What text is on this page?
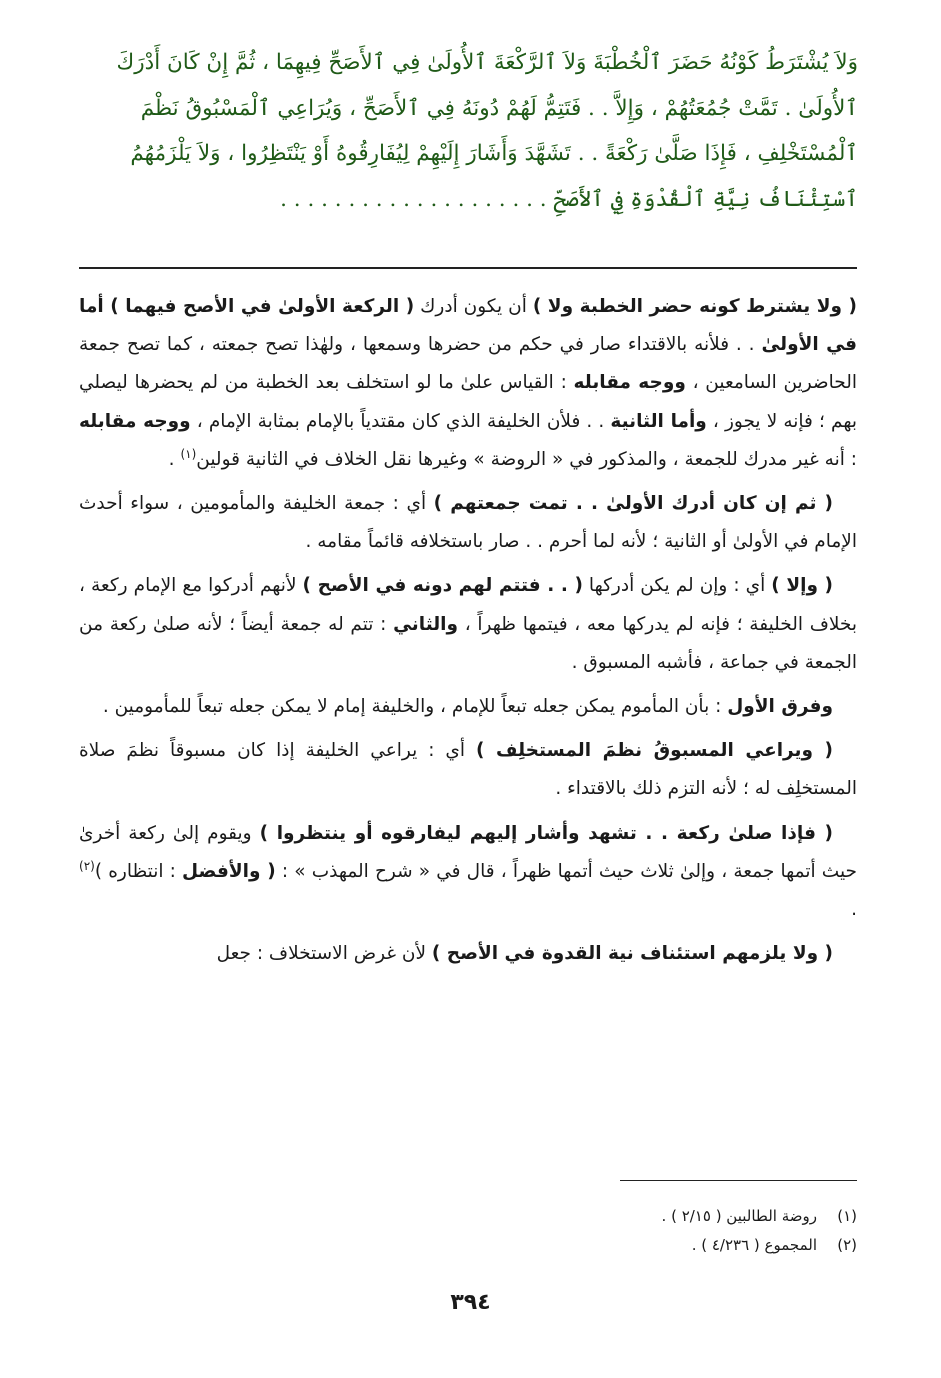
وَلاَ يُشْتَرَطُ كَوْنُهُ حَضَرَ ٱلْخُطْبَةَ وَلاَ ٱلرَّكْعَةَ ٱلأُولَىٰ فِي ٱلأَصَحِّ فِيهِمَا ، ثُمَّ إِنْ كَانَ أَدْرَكَ
ٱلأُولَىٰ . تَمَّتْ جُمُعَتُهُمْ ، وَإِلاَّ . . فَتَتِمُّ لَهُمْ دُونَهُ فِي ٱلأَصَحِّ ، وَيُرَاعِي ٱلْمَسْبُوقُ نَظْمَ
ٱلْمُسْتَخْلِفِ ، فَإِذَا صَلَّىٰ رَكْعَةً . . تَشَهَّدَ وَأَشَارَ إِلَيْهِمْ لِيُفَارِقُوهُ أَوْ يَنْتَظِرُوا ، وَلاَ يَلْزَمُهُمُ
ٱسْتِئْنَافُ نِيَّةِ ٱلْقُدْوَةِ فِي ٱلأَصَحِّ . . . . . . . . . . . . . . . . . . . .

( ولا يشترط كونه حضر الخطبة ولا ) أن يكون أدرك ( الركعة الأولىٰ في الأصح فيهما ) أما في الأولىٰ . . فلأنه بالاقتداء صار في حكم من حضرها وسمعها ، ولهٰذا تصح جمعته ، كما تصح جمعة الحاضرين السامعين ، ووجه مقابله : القياس علىٰ ما لو استخلف بعد الخطبة من لم يحضرها ليصلي بهم ؛ فإنه لا يجوز ، وأما الثانية . . فلأن الخليفة الذي كان مقتدياً بالإمام بمثابة الإمام ، ووجه مقابله : أنه غير مدرك للجمعة ، والمذكور في « الروضة » وغيرها نقل الخلاف في الثانية قولين$^{(١)}$ .

( ثم إن كان أدرك الأولىٰ . . تمت جمعتهم ) أي : جمعة الخليفة والمأمومين ، سواء أحدث الإمام في الأولىٰ أو الثانية ؛ لأنه لما أحرم . . صار باستخلافه قائماً مقامه .

( وإلا ) أي : وإن لم يكن أدركها ( . . فتتم لهم دونه في الأصح ) لأنهم أدركوا مع الإمام ركعة ، بخلاف الخليفة ؛ فإنه لم يدركها معه ، فيتمها ظهراً ، والثاني : تتم له جمعة أيضاً ؛ لأنه صلىٰ ركعة من الجمعة في جماعة ، فأشبه المسبوق .

وفرق الأول : بأن المأموم يمكن جعله تبعاً للإمام ، والخليفة إمام لا يمكن جعله تبعاً للمأمومين .

( ويراعي المسبوقُ نظمَ المستخلِف ) أي : يراعي الخليفة إذا كان مسبوقاً نظمَ صلاة المستخلِف له ؛ لأنه التزم ذلك بالاقتداء .

( فإذا صلىٰ ركعة . . تشهد وأشار إليهم ليفارقوه أو ينتظروا ) ويقوم إلىٰ ركعة أخرىٰ حيث أتمها جمعة ، وإلىٰ ثلاث حيث أتمها ظهراً ، قال في « شرح المهذب » : ( والأفضل : انتظاره )$^{(٢)}$ .

( ولا يلزمهم استئناف نية القدوة في الأصح ) لأن غرض الاستخلاف : جعل

(١)روضة الطالبين ( ٢/١٥ ) .
(٢)المجموع ( ٤/٢٣٦ ) .
٣٩٤
